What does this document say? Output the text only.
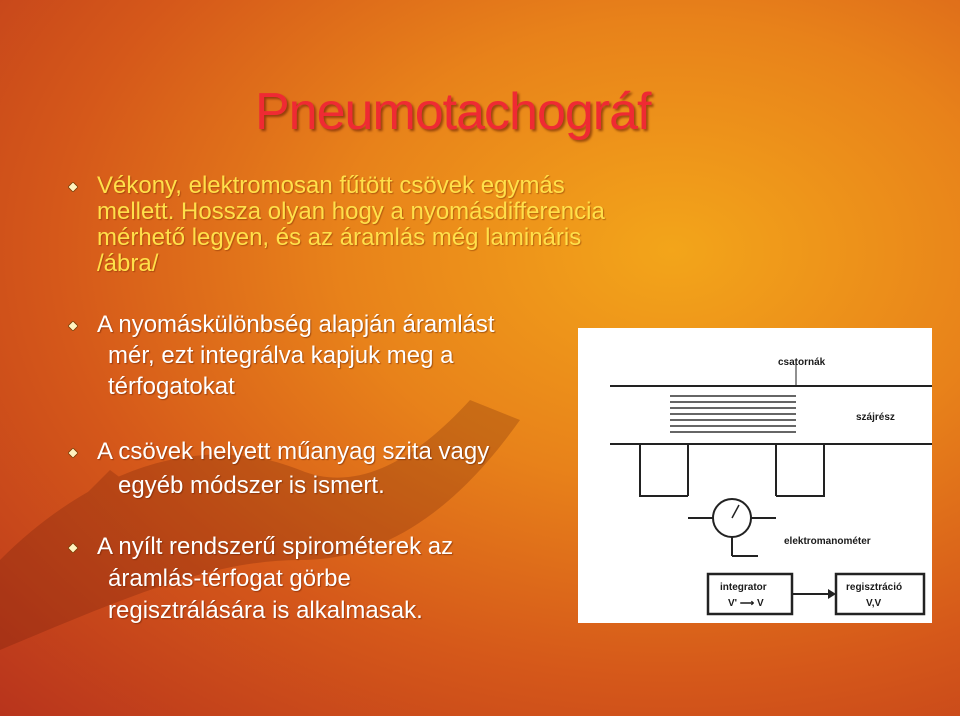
Pneumotachográf
Vékony, elektromosan fűtött csövek egymás
mellett. Hossza olyan hogy a nyomásdifferencia
mérhető legyen, és az áramlás még lamináris
/ábra/
A nyomáskülönbség alapján áramlást
mér, ezt integrálva kapjuk meg a
térfogatokat
A csövek helyett műanyag szita vagy
egyéb módszer is ismert.
A nyílt rendszerű spirométerek az
áramlás-térfogat görbe
regisztrálására is alkalmasak.
csatornák
szájrész
elektromanométer
integrator
V' ⟶ V
regisztráció
V,V
